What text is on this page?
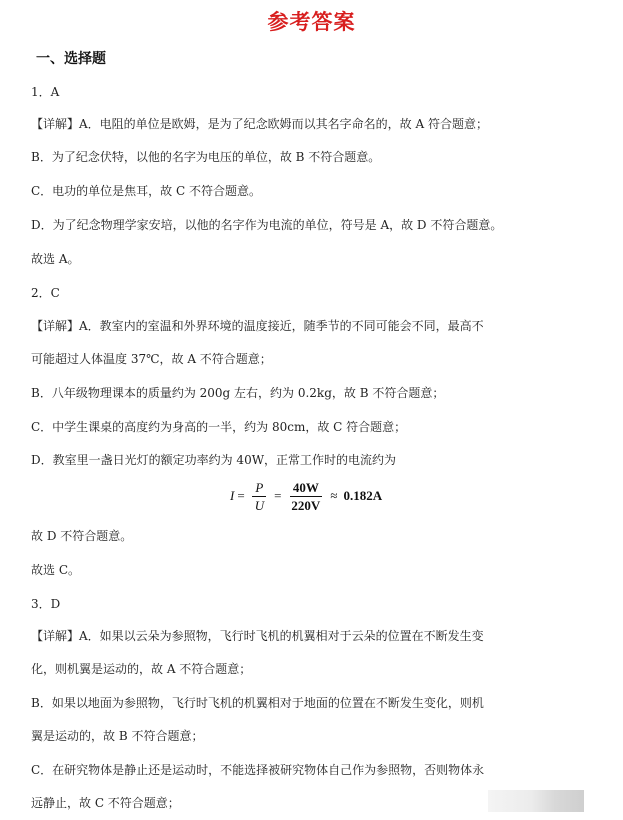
参考答案
一、选择题
1．A
【详解】A．电阻的单位是欧姆，是为了纪念欧姆而以其名字命名的，故 A 符合题意；
B．为了纪念伏特，以他的名字为电压的单位，故 B 不符合题意。
C．电功的单位是焦耳，故 C 不符合题意。
D．为了纪念物理学家安培，以他的名字作为电流的单位，符号是 A，故 D 不符合题意。
故选 A。
2．C
【详解】A．教室内的室温和外界环境的温度接近，随季节的不同可能会不同，最高不
可能超过人体温度 37℃，故 A 不符合题意；
B．八年级物理课本的质量约为 200g 左右，约为 0.2kg，故 B 不符合题意；
C．中学生课桌的高度约为身高的一半，约为 80cm，故 C 符合题意；
D．教室里一盏日光灯的额定功率约为 40W，正常工作时的电流约为
$I = \frac{P}{U} = \frac{40W}{220V} \approx 0.182A$
故 D 不符合题意。
故选 C。
3．D
【详解】A．如果以云朵为参照物，飞行时飞机的机翼相对于云朵的位置在不断发生变
化，则机翼是运动的，故 A 不符合题意；
B．如果以地面为参照物，飞行时飞机的机翼相对于地面的位置在不断发生变化，则机
翼是运动的，故 B 不符合题意；
C．在研究物体是静止还是运动时，不能选择被研究物体自己作为参照物，否则物体永
远静止，故 C 不符合题意；
